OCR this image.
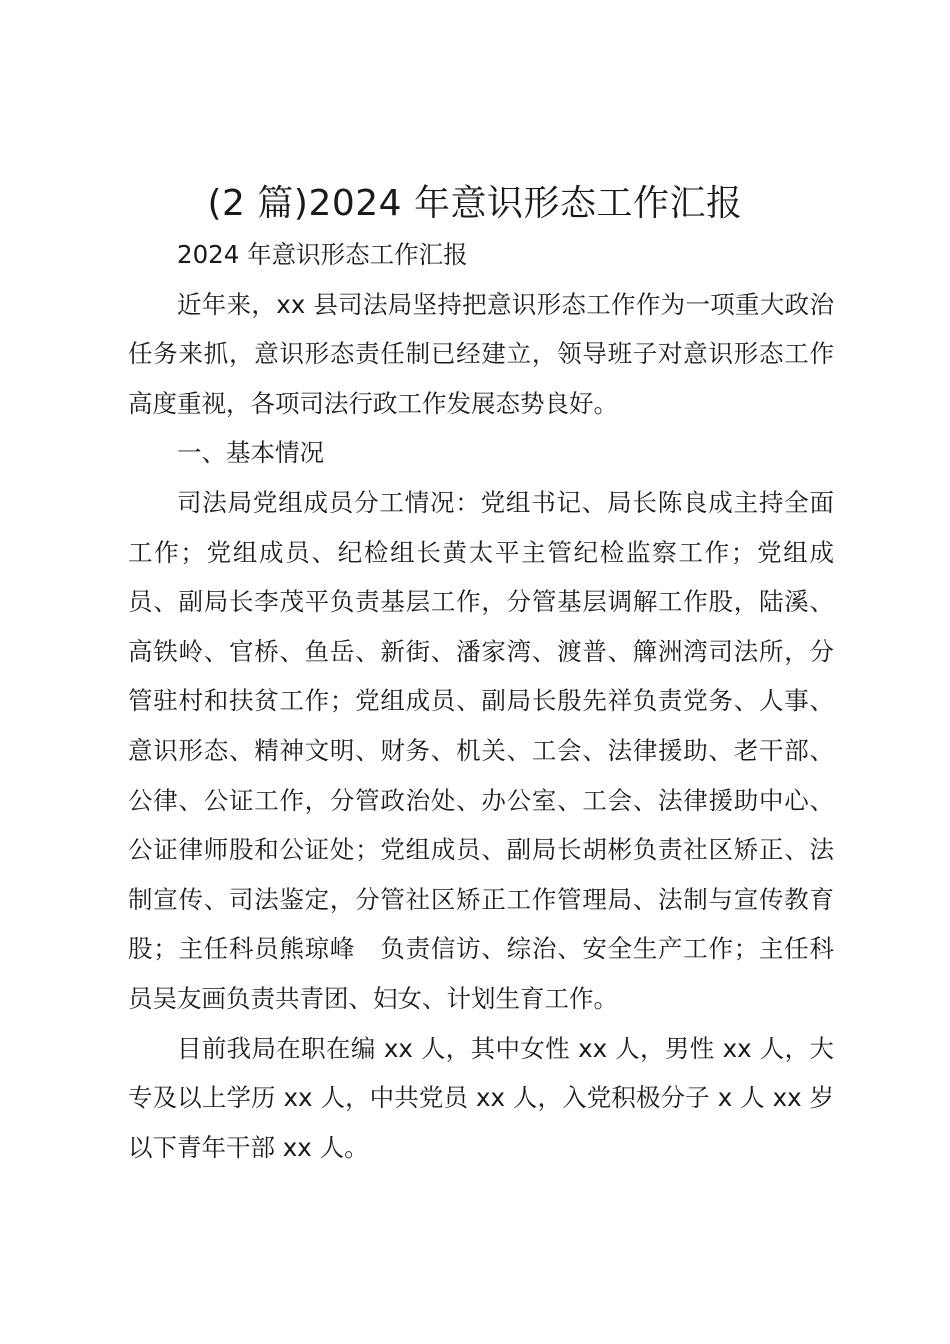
(2 篇)2024 年意识形态工作汇报

2024 年意识形态工作汇报

近年来，xx 县司法局坚持把意识形态工作作为一项重大政治任务来抓，意识形态责任制已经建立，领导班子对意识形态工作高度重视，各项司法行政工作发展态势良好。

一、基本情况

司法局党组成员分工情况：党组书记、局长陈良成主持全面工作；党组成员、纪检组长黄太平主管纪检监察工作；党组成员、副局长李茂平负责基层工作，分管基层调解工作股，陆溪、高铁岭、官桥、鱼岳、新街、潘家湾、渡普、簰洲湾司法所，分管驻村和扶贫工作；党组成员、副局长殷先祥负责党务、人事、意识形态、精神文明、财务、机关、工会、法律援助、老干部、公律、公证工作，分管政治处、办公室、工会、法律援助中心、公证律师股和公证处；党组成员、副局长胡彬负责社区矫正、法制宣传、司法鉴定，分管社区矫正工作管理局、法制与宣传教育股；主任科员熊琼峰　负责信访、综治、安全生产工作；主任科员吴友画负责共青团、妇女、计划生育工作。

目前我局在职在编 xx 人，其中女性 xx 人，男性 xx 人，大专及以上学历 xx 人，中共党员 xx 人，入党积极分子 x 人 xx 岁以下青年干部 xx 人。
